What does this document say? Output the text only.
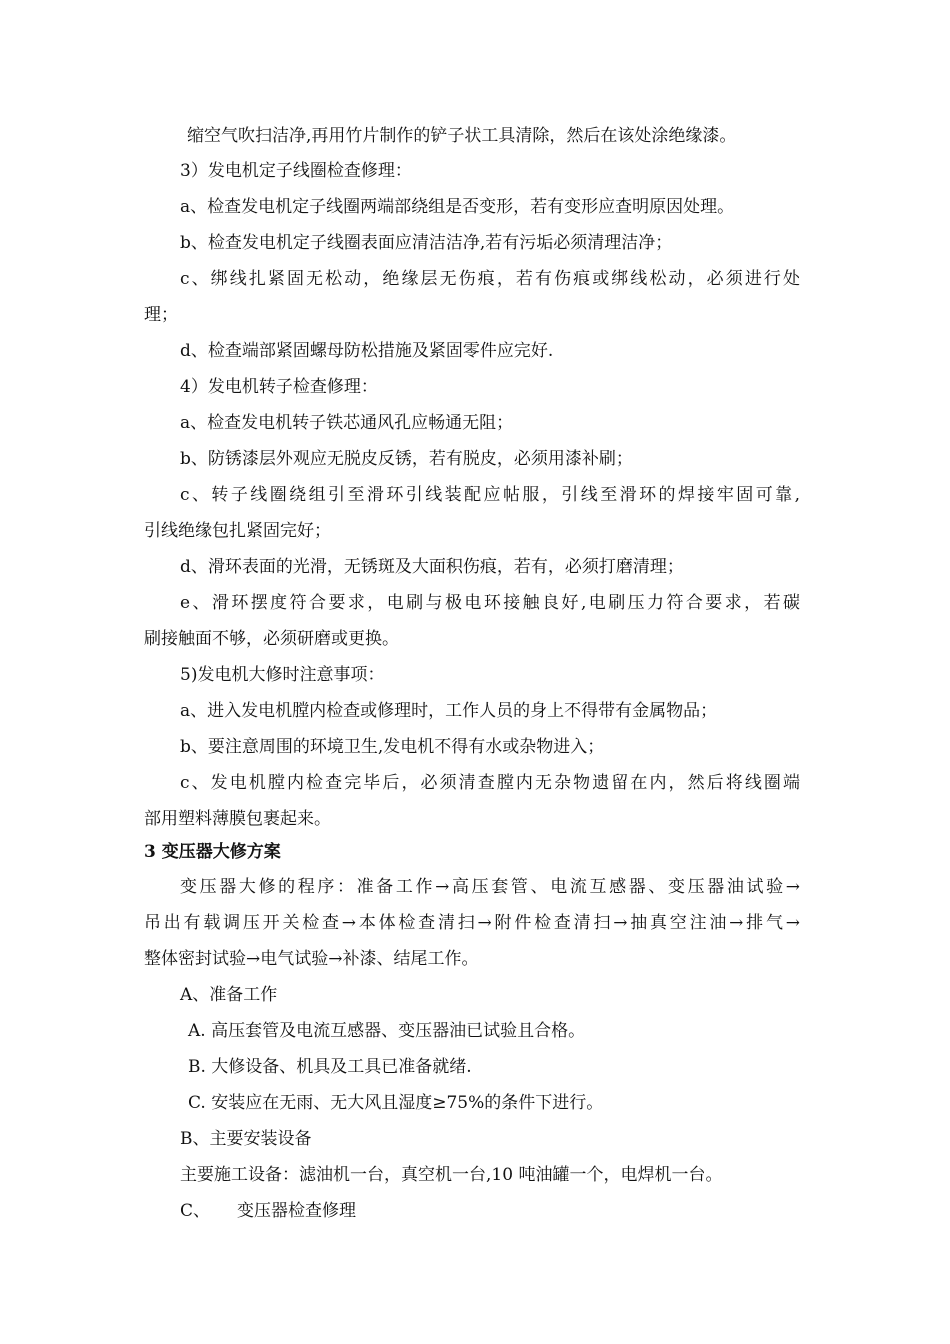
缩空气吹扫洁净,再用竹片制作的铲子状工具清除，然后在该处涂绝缘漆。
3）发电机定子线圈检查修理：
a、检查发电机定子线圈两端部绕组是否变形，若有变形应查明原因处理。
b、检查发电机定子线圈表面应清洁洁净,若有污垢必须清理洁净；
c、绑线扎紧固无松动，绝缘层无伤痕，若有伤痕或绑线松动，必须进行处
理；
d、检查端部紧固螺母防松措施及紧固零件应完好.
4）发电机转子检查修理：
a、检查发电机转子铁芯通风孔应畅通无阻；
b、防锈漆层外观应无脱皮反锈，若有脱皮，必须用漆补刷；
c、转子线圈绕组引至滑环引线装配应帖服，引线至滑环的焊接牢固可靠,
引线绝缘包扎紧固完好；
d、滑环表面的光滑，无锈斑及大面积伤痕，若有，必须打磨清理；
e、滑环摆度符合要求，电刷与极电环接触良好,电刷压力符合要求，若碳
刷接触面不够，必须研磨或更换。
5)发电机大修时注意事项：
a、进入发电机膛内检查或修理时，工作人员的身上不得带有金属物品；
b、要注意周围的环境卫生,发电机不得有水或杂物进入；
c、发电机膛内检查完毕后，必须清查膛内无杂物遗留在内，然后将线圈端
部用塑料薄膜包裹起来。
3 变压器大修方案
变压器大修的程序：准备工作→高压套管、电流互感器、变压器油试验→
吊出有载调压开关检查→本体检查清扫→附件检查清扫→抽真空注油→排气→
整体密封试验→电气试验→补漆、结尾工作。
A、准备工作
A. 高压套管及电流互感器、变压器油已试验且合格。
B. 大修设备、机具及工具已准备就绪.
C. 安装应在无雨、无大风且湿度≥75%的条件下进行。
B、主要安装设备
主要施工设备：滤油机一台，真空机一台,10 吨油罐一个，电焊机一台。
C、     变压器检查修理
